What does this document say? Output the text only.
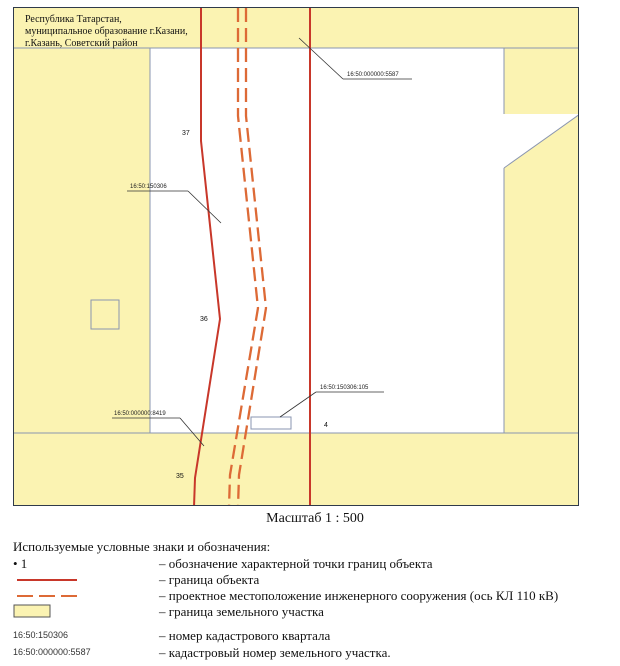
16:50:000000:5587
16:50:150306
16:50:150306:105
16:50:000000:8419
37
36
35
4
Республика Татарстан,
муниципальное образование г.Казани,
г.Казань, Советский район
Масштаб 1 : 500
Используемые условные знаки и обозначения:
• 1	– обозначение характерной точки границ объекта
– граница объекта
– проектное местоположение инженерного сооружения (ось КЛ 110 кВ)
– граница земельного участка
16:50:150306	– номер кадастрового квартала
16:50:000000:5587	– кадастровый номер земельного участка.
